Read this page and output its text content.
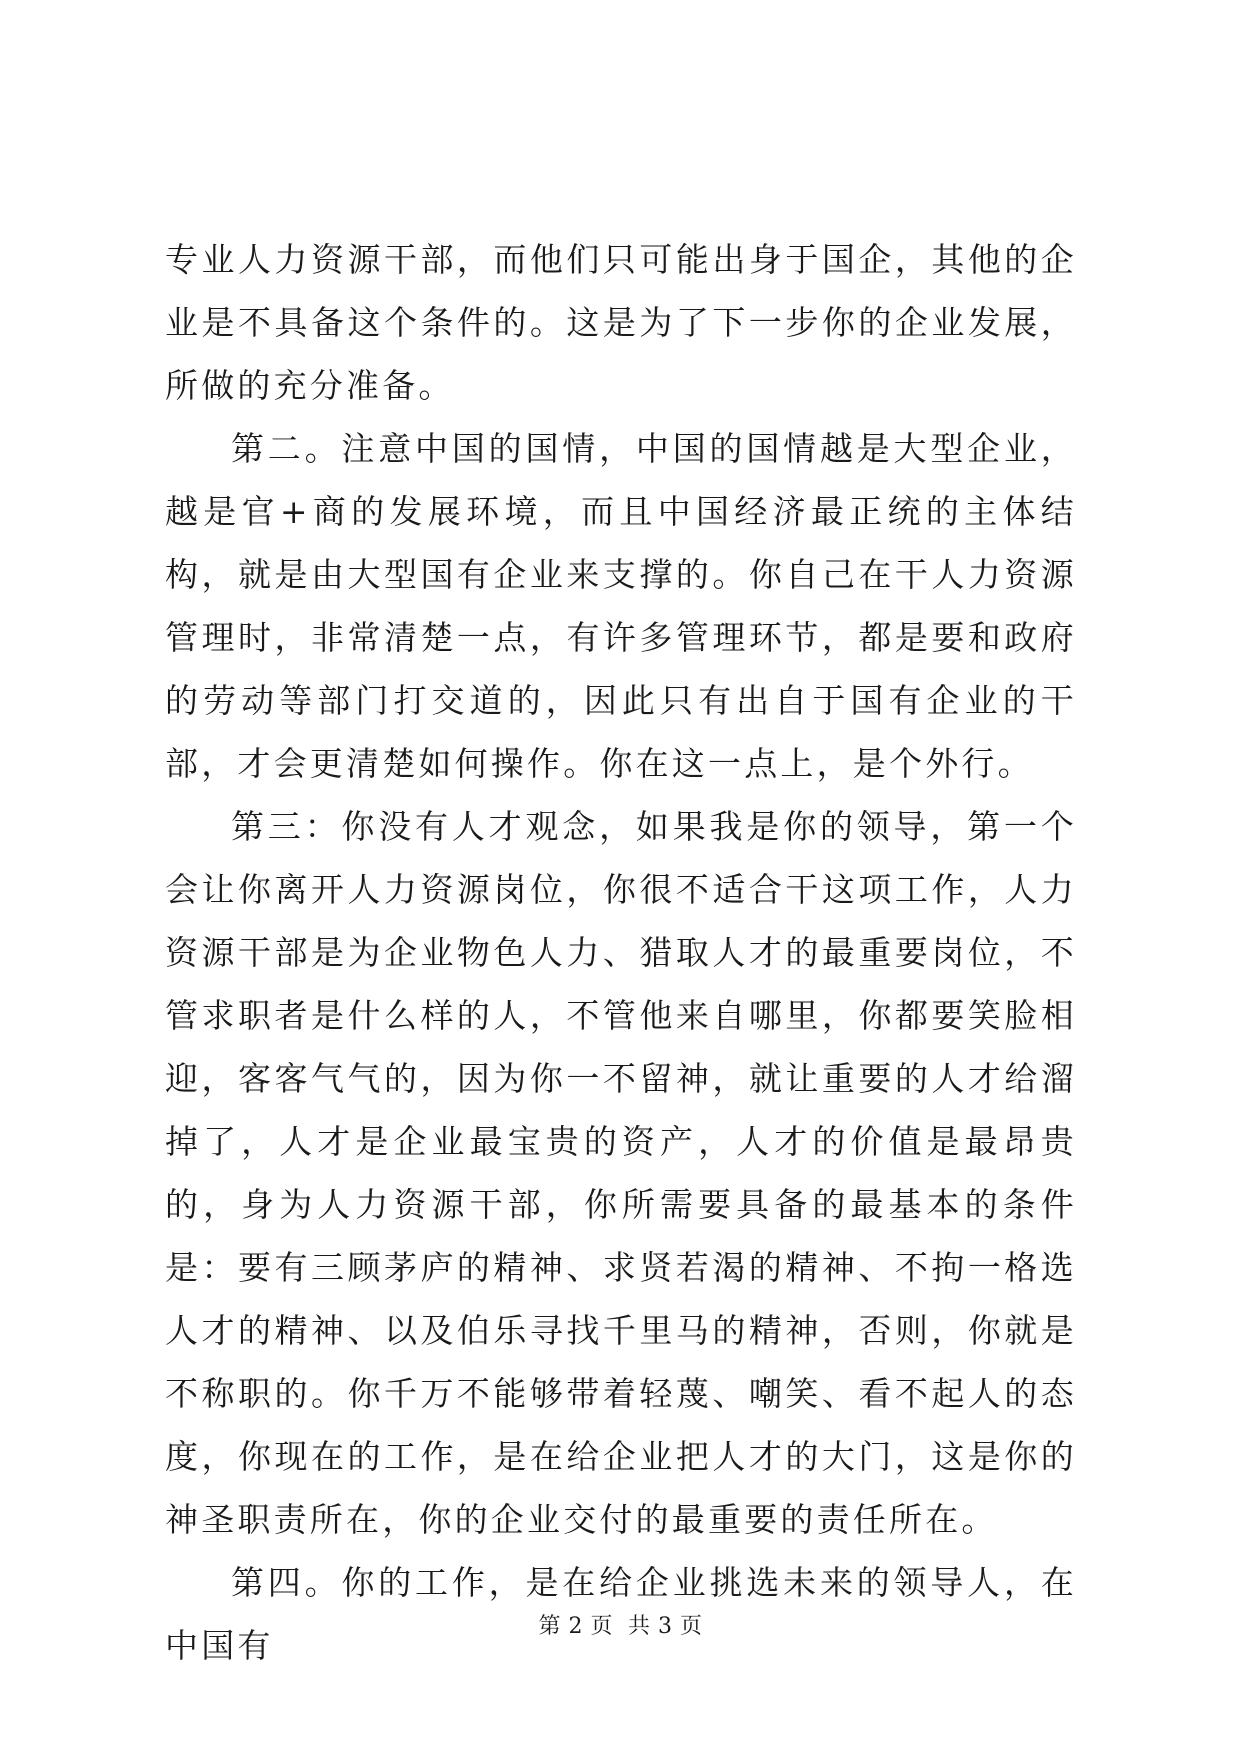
专业人力资源干部，而他们只可能出身于国企，其他的企业是不具备这个条件的。这是为了下一步你的企业发展，所做的充分准备。

第二。注意中国的国情，中国的国情越是大型企业，越是官+商的发展环境，而且中国经济最正统的主体结构，就是由大型国有企业来支撑的。你自己在干人力资源管理时，非常清楚一点，有许多管理环节，都是要和政府的劳动等部门打交道的，因此只有出自于国有企业的干部，才会更清楚如何操作。你在这一点上，是个外行。

第三：你没有人才观念，如果我是你的领导，第一个会让你离开人力资源岗位，你很不适合干这项工作，人力资源干部是为企业物色人力、猎取人才的最重要岗位，不管求职者是什么样的人，不管他来自哪里，你都要笑脸相迎，客客气气的，因为你一不留神，就让重要的人才给溜掉了，人才是企业最宝贵的资产，人才的价值是最昂贵的，身为人力资源干部，你所需要具备的最基本的条件是：要有三顾茅庐的精神、求贤若渴的精神、不拘一格选人才的精神、以及伯乐寻找千里马的精神，否则，你就是不称职的。你千万不能够带着轻蔑、嘲笑、看不起人的态度，你现在的工作，是在给企业把人才的大门，这是你的神圣职责所在，你的企业交付的最重要的责任所在。

第四。你的工作，是在给企业挑选未来的领导人，在中国有	第 2 页  共 3 页
